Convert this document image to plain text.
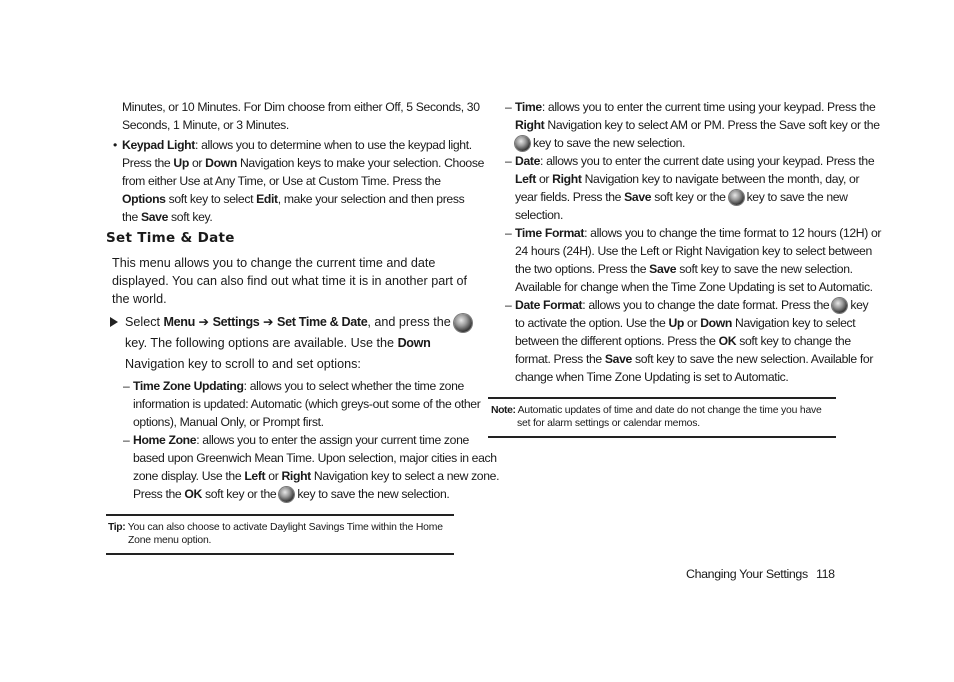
Minutes, or 10 Minutes. For Dim choose from either Off, 5 Seconds, 30
Seconds, 1 Minute, or 3 Minutes.
• Keypad Light: allows you to determine when to use the keypad light.
Press the Up or Down Navigation keys to make your selection. Choose
from either Use at Any Time, or Use at Custom Time. Press the
Options soft key to select Edit, make your selection and then press
the Save soft key.
Set Time & Date
This menu allows you to change the current time and date
displayed. You can also find out what time it is in another part of
the world.
Select Menu ➔ Settings ➔ Set Time & Date, and press the
key. The following options are available. Use the Down
Navigation key to scroll to and set options:
– Time Zone Updating: allows you to select whether the time zone
information is updated: Automatic (which greys-out some of the other
options), Manual Only, or Prompt first.
– Home Zone: allows you to enter the assign your current time zone
based upon Greenwich Mean Time. Upon selection, major cities in each
zone display. Use the Left or Right Navigation key to select a new zone.
Press the OK soft key or the key to save the new selection.
Tip: You can also choose to activate Daylight Savings Time within the Home
Zone menu option.
– Time: allows you to enter the current time using your keypad. Press the
Right Navigation key to select AM or PM. Press the Save soft key or the
key to save the new selection.
– Date: allows you to enter the current date using your keypad. Press the
Left or Right Navigation key to navigate between the month, day, or
year fields. Press the Save soft key or the key to save the new
selection.
– Time Format: allows you to change the time format to 12 hours (12H) or
24 hours (24H). Use the Left or Right Navigation key to select between
the two options. Press the Save soft key to save the new selection.
Available for change when the Time Zone Updating is set to Automatic.
– Date Format: allows you to change the date format. Press the key
to activate the option. Use the Up or Down Navigation key to select
between the different options. Press the OK soft key to change the
format. Press the Save soft key to save the new selection. Available for
change when Time Zone Updating is set to Automatic.
Note: Automatic updates of time and date do not change the time you have
set for alarm settings or calendar memos.
Changing Your Settings 118
